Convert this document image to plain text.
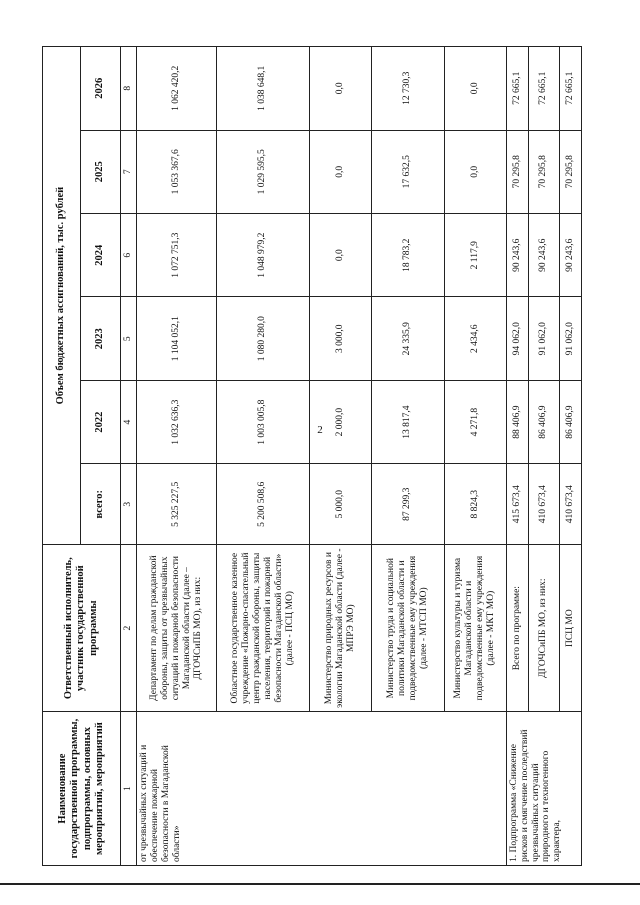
2
Наименование государственной программы, подпрограммы, основных мероприятий, мероприятий	Ответственный исполнитель, участник государственной программы	Объем бюджетных ассигнований, тыс. рублей					
		всего:	2022	2023	2024	2025	2026
1	2	3	4	5	6	7	8
от чрезвычайных ситуаций и обеспечение пожарной безопасности в Магаданской области»	Департамент по делам гражданской обороны, защиты от чрезвычайных ситуаций и пожарной безопасности Магаданской области (далее – ДГОЧСиПБ МО), из них:	5 325 227,5	1 032 636,3	1 104 052,1	1 072 751,3	1 053 367,6	1 062 420,2
	Областное государственное казенное учреждение «Пожарно-спасательный центр гражданской обороны, защиты населения, территорий и пожарной безопасности Магаданской области» (далее - ПСЦ МО)	5 200 508,6	1 003 005,8	1 080 280,0	1 048 979,2	1 029 595,5	1 038 648,1
	Министерство природных ресурсов и экологии Магаданской области (далее - МПРЭ МО)	5 000,0	2 000,0	3 000,0	0,0	0,0	0,0
	Министерство труда и социальной политики Магаданской области и подведомственные ему учреждения (далее - МТСП МО)	87 299,3	13 817,4	24 335,9	18 783,2	17 632,5	12 730,3
	Министерство культуры и туризма Магаданской области и подведомственные ему учреждения (далее - МКТ МО)	8 824,3	4 271,8	2 434,6	2 117,9	0,0	0,0
1. Подпрограмма «Снижение рисков и смягчение последствий чрезвычайных ситуаций природного и техногенного характера,	Всего по программе:	415 673,4	88 406,9	94 062,0	90 243,6	70 295,8	72 665,1
	ДГОЧСиПБ МО, из них:	410 673,4	86 406,9	91 062,0	90 243,6	70 295,8	72 665,1
	ПСЦ МО	410 673,4	86 406,9	91 062,0	90 243,6	70 295,8	72 665,1
